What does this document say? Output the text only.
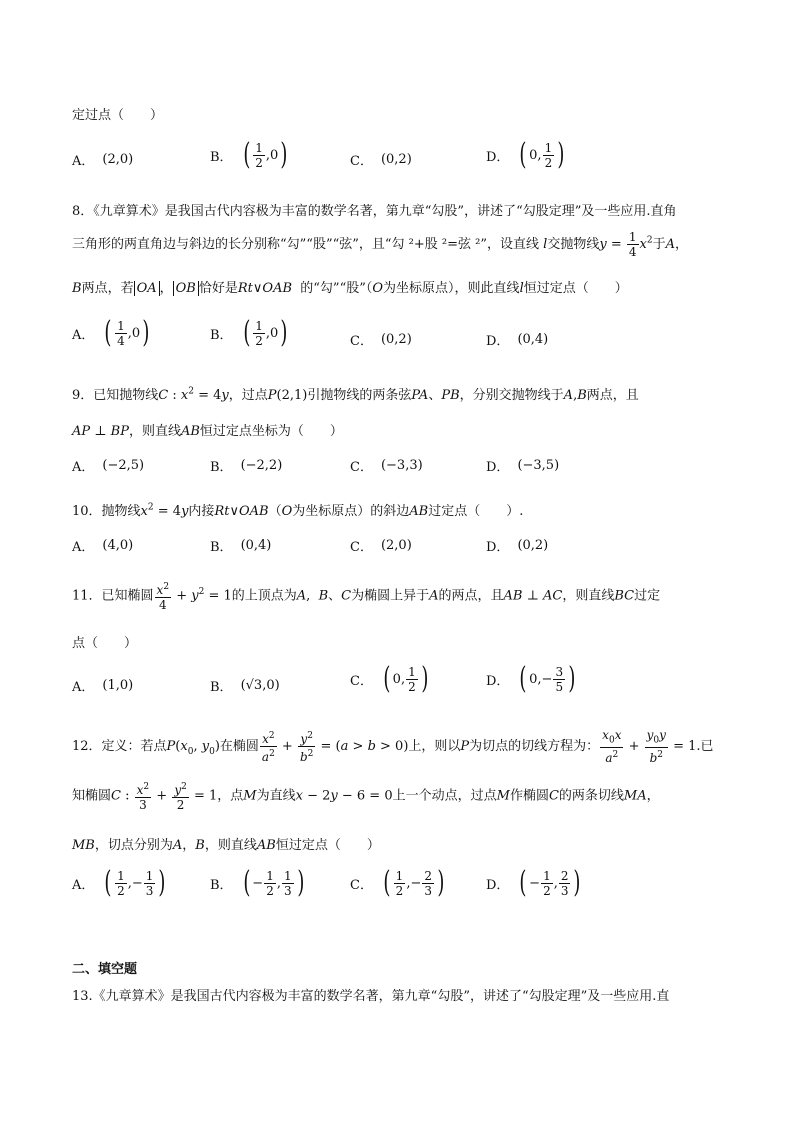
定过点（　　）
A． (2,0)	B． ( $\frac{1}{2} ,0$ )	C． (0,2)	D． ( 0, $\frac{1}{2}$ )
8．《九章算术》是我国古代内容极为丰富的数学名著，第九章“勾股”，讲述了“勾股定理”及一些应用.直角
三角形的两直角边与斜边的长分别称“勾”“股”“弦”，且“勾 ²+股 ²=弦 ²”，设直线 l交抛物线$y = \frac{1}{4} x^2$于A，
B两点，若 OA ， OB 恰好是Rt∨OAB 的“勾”“股”（O为坐标原点），则此直线l恒过定点（　　）
A． ( $\frac{1}{4} ,0$ )	B． ( $\frac{1}{2} ,0$ )	C． (0,2)	D． (0,4)
9．已知抛物线C : $x^2 = 4y$，过点P(2,1)引抛物线的两条弦PA、PB，分别交抛物线于A,B两点，且
AP ⊥ BP，则直线AB恒过定点坐标为（　　）
A． (−2,5)	B． (−2,2)	C． (−3,3)	D． (−3,5)
10．抛物线$x^2 = 4y$内接Rt∨OAB（O为坐标原点）的斜边AB过定点（　　）.
A． (4,0)	B． (0,4)	C． (2,0)	D． (0,2)
11．已知椭圆 $\frac{x^2}{4} + y^2 = 1$的上顶点为A,  B、C为椭圆上异于A的两点，且AB ⊥ AC，则直线BC过定
点（　　）
A． (1,0)	B． (√3,0)	C． ( 0, $\frac{1}{2}$ )	D． ( $0,- \frac{3}{5}$ )
12．定义：若点$P(x_0$, $y_0$)在椭圆 $\frac{x^2}{a^2} + \frac{y^2}{b^2} = (a > b > 0)$上，则以P为切点的切线方程为： $\frac{x_0x}{a^2} + \frac{y_0y}{b^2} = 1$.已
知椭圆C : $\frac{x^2}{3} + \frac{y^2}{2} = 1$，点M为直线x − 2y − 6 = 0上一个动点，过点M作椭圆C的两条切线MA，
MB，切点分别为A，B，则直线AB恒过定点（　　）
A． ( $\frac{1}{2}$ ,− $\frac{1}{3}$ )	B． ( − $\frac{1}{2}$ , $\frac{1}{3}$ )	C． ( $\frac{1}{2}$ ,− $\frac{2}{3}$ )	D． ( − $\frac{1}{2}$ , $\frac{2}{3}$ )
二、填空题
13.《九章算术》是我国古代内容极为丰富的数学名著，第九章“勾股”，讲述了“勾股定理”及一些应用.直
